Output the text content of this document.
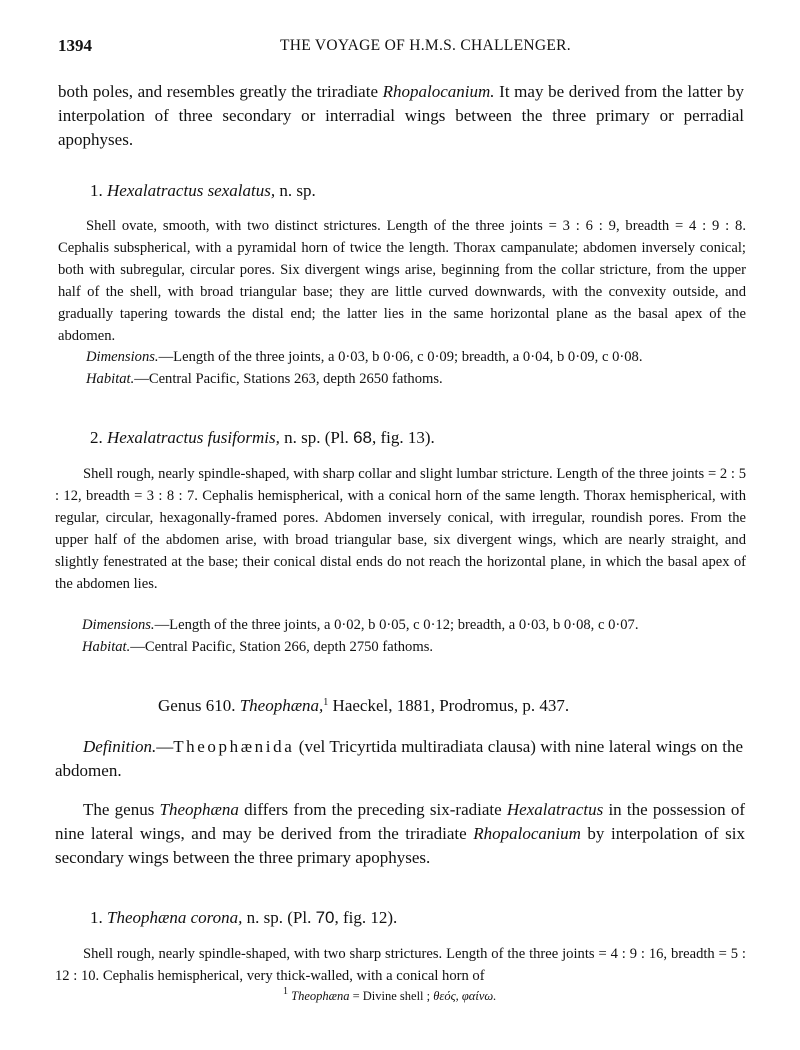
1394	THE VOYAGE OF H.M.S. CHALLENGER.

both poles, and resembles greatly the triradiate Rhopalocanium. It may be derived from the latter by interpolation of three secondary or interradial wings between the three primary or perradial apophyses.

1. Hexalatractus sexalatus, n. sp.

Shell ovate, smooth, with two distinct strictures. Length of the three joints = 3 : 6 : 9, breadth = 4 : 9 : 8. Cephalis subspherical, with a pyramidal horn of twice the length. Thorax campanulate; abdomen inversely conical; both with subregular, circular pores. Six divergent wings arise, beginning from the collar stricture, from the upper half of the shell, with broad triangular base; they are little curved downwards, with the convexity outside, and gradually tapering towards the distal end; the latter lies in the same horizontal plane as the basal apex of the abdomen.

Dimensions.—Length of the three joints, a 0·03, b 0·06, c 0·09; breadth, a 0·04, b 0·09, c 0·08.
Habitat.—Central Pacific, Stations 263, depth 2650 fathoms.
2. Hexalatractus fusiformis, n. sp. (Pl. 68, fig. 13).

Shell rough, nearly spindle-shaped, with sharp collar and slight lumbar stricture. Length of the three joints = 2 : 5 : 12, breadth = 3 : 8 : 7. Cephalis hemispherical, with a conical horn of the same length. Thorax hemispherical, with regular, circular, hexagonally-framed pores. Abdomen inversely conical, with irregular, roundish pores. From the upper half of the abdomen arise, with broad triangular base, six divergent wings, which are nearly straight, and slightly fenestrated at the base; their conical distal ends do not reach the horizontal plane, in which the basal apex of the abdomen lies.

Dimensions.—Length of the three joints, a 0·02, b 0·05, c 0·12; breadth, a 0·03, b 0·08, c 0·07.
Habitat.—Central Pacific, Station 266, depth 2750 fathoms.
Genus 610. Theophæna,$^1$ Haeckel, 1881, Prodromus, p. 437.

Definition.—Theophænida (vel Tricyrtida multiradiata clausa) with nine lateral wings on the abdomen.

The genus Theophæna differs from the preceding six-radiate Hexalatractus in the possession of nine lateral wings, and may be derived from the triradiate Rhopalocanium by interpolation of six secondary wings between the three primary apophyses.

1. Theophæna corona, n. sp. (Pl. 70, fig. 12).

Shell rough, nearly spindle-shaped, with two sharp strictures. Length of the three joints = 4 : 9 : 16, breadth = 5 : 12 : 10. Cephalis hemispherical, very thick-walled, with a conical horn of

$^1$ Theophæna = Divine shell ; θεός, φαίνω.
